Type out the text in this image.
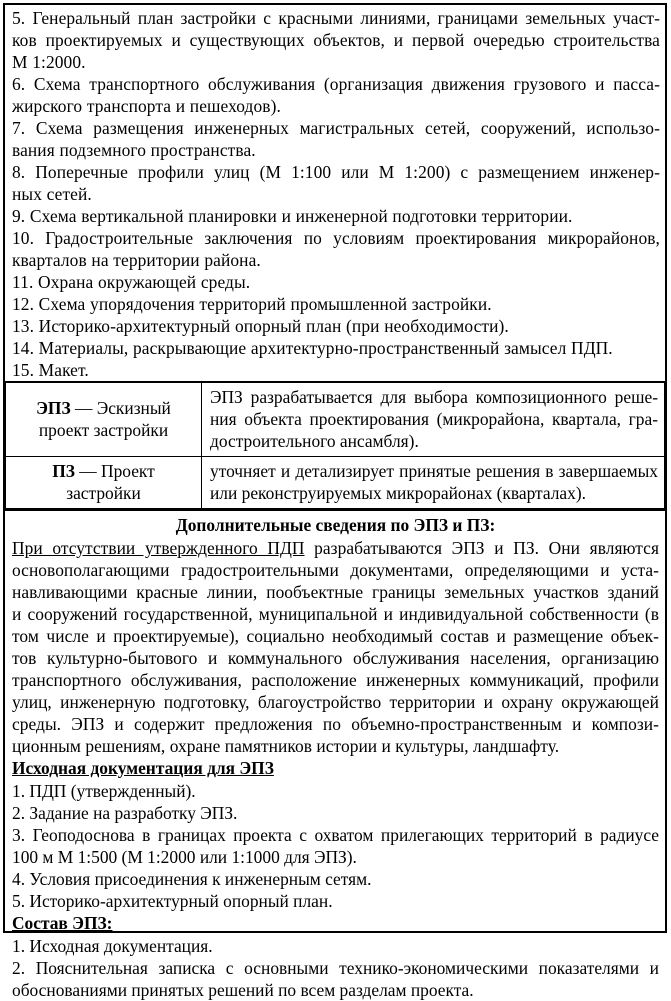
5. Генеральный план застройки с красными линиями, границами земельных участ-
ков проектируемых и существующих объектов, и первой очередью строительства
М 1:2000.

6. Схема транспортного обслуживания (организация движения грузового и пасса-
жирского транспорта и пешеходов).

7. Схема размещения инженерных магистральных сетей, сооружений, использо-
вания подземного пространства.

8. Поперечные профили улиц (М 1:100 или М 1:200) с размещением инженер-
ных сетей.

9. Схема вертикальной планировки и инженерной подготовки территории.

10. Градостроительные заключения по условиям проектирования микрорайонов,
кварталов на территории района.

11. Охрана окружающей среды.

12. Схема упорядочения территорий промышленной застройки.

13. Историко-архитектурный опорный план (при необходимости).

14. Материалы, раскрывающие архитектурно-пространственный замысел ПДП.

15. Макет.

ЭПЗ — Эскизный
проект застройки	ЭПЗ разрабатывается для выбора композиционного реше-
ния объекта проектирования (микрорайона, квартала, гра-
достроительного ансамбля).

ПЗ — Проект
застройки	уточняет и детализирует принятые решения в завершаемых
или реконструируемых микрорайонах (кварталах).
Дополнительные сведения по ЭПЗ и ПЗ:

При отсутствии утвержденного ПДП разрабатываются ЭПЗ и ПЗ. Они являются
основополагающими градостроительными документами, определяющими и уста-
навливающими красные линии, пообъектные границы земельных участков зданий
и сооружений государственной, муниципальной и индивидуальной собственности (в
том числе и проектируемые), социально необходимый состав и размещение объек-
тов культурно-бытового и коммунального обслуживания населения, организацию
транспортного обслуживания, расположение инженерных коммуникаций, профили
улиц, инженерную подготовку, благоустройство территории и охрану окружающей
среды. ЭПЗ и содержит предложения по объемно-пространственным и компози-
ционным решениям, охране памятников истории и культуры, ландшафту.

Исходная документация для ЭПЗ

1. ПДП (утвержденный).

2. Задание на разработку ЭПЗ.

3. Геоподоснова в границах проекта с охватом прилегающих территорий в радиусе
100 м М 1:500 (М 1:2000 или 1:1000 для ЭПЗ).

4. Условия присоединения к инженерным сетям.

5. Историко-архитектурный опорный план.

Состав ЭПЗ:

1. Исходная документация.

2. Пояснительная записка с основными технико-экономическими показателями и
обоснованиями принятых решений по всем разделам проекта.
